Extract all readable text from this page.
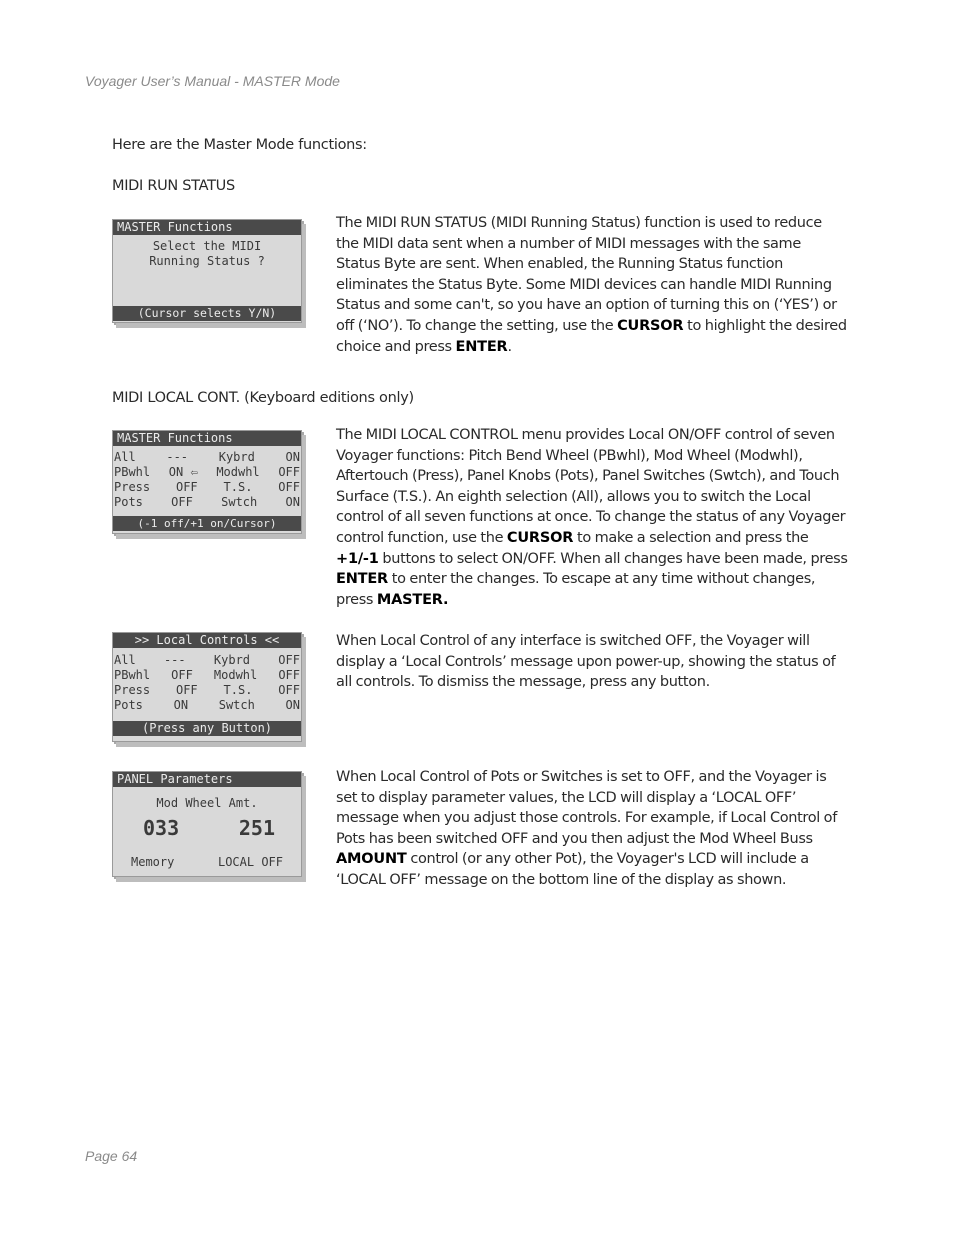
Voyager User’s Manual - MASTER Mode
Here are the Master Mode functions:
MIDI RUN STATUS
MASTER Functions
Select the MIDI
Running Status ?

(Cursor selects Y/N)

The MIDI RUN STATUS (MIDI Running Status) function is used to reduce the MIDI data sent when a number of MIDI messages with the same Status Byte are sent. When enabled, the Running Status function eliminates the Status Byte. Some MIDI devices can handle MIDI Running Status and some can't, so you have an option of turning this on (‘YES’) or off (‘NO’). To change the setting, use the CURSOR to highlight the desired choice and press ENTER.

MIDI LOCAL CONT. (Keyboard editions only)
MASTER Functions
All	---	Kybrd	ON
PBwhl ON ⇦ Modwhl OFF
Press OFF T.S. OFF
Pots OFF Swtch ON
(-1 off/+1 on/Cursor)

The MIDI LOCAL CONTROL menu provides Local ON/OFF control of seven Voyager functions: Pitch Bend Wheel (PBwhl), Mod Wheel (Modwhl), Aftertouch (Press), Panel Knobs (Pots), Panel Switches (Swtch), and Touch Surface (T.S.). An eighth selection (All), allows you to switch the Local control of all seven functions at once. To change the status of any Voyager control function, use the CURSOR to make a selection and press the +1/-1 buttons to select ON/OFF. When all changes have been made, press ENTER to enter the changes. To escape at any time without changes, press MASTER.

>> Local Controls <<
All --- Kybrd OFF
PBwhl OFF Modwhl OFF
Press OFF T.S. OFF
Pots	ON	Swtch	ON
(Press any Button)

When Local Control of any interface is switched OFF, the Voyager will display a ‘Local Controls’ message upon power-up, showing the status of all controls. To dismiss the message, press any button.

PANEL Parameters
Mod Wheel Amt.
033	251
Memory	LOCAL OFF

When Local Control of Pots or Switches is set to OFF, and the Voyager is set to display parameter values, the LCD will display a ‘LOCAL OFF’ message when you adjust those controls. For example, if Local Control of Pots has been switched OFF and you then adjust the Mod Wheel Buss AMOUNT control (or any other Pot), the Voyager's LCD will include a ‘LOCAL OFF’ message on the bottom line of the display as shown.

Page 64
